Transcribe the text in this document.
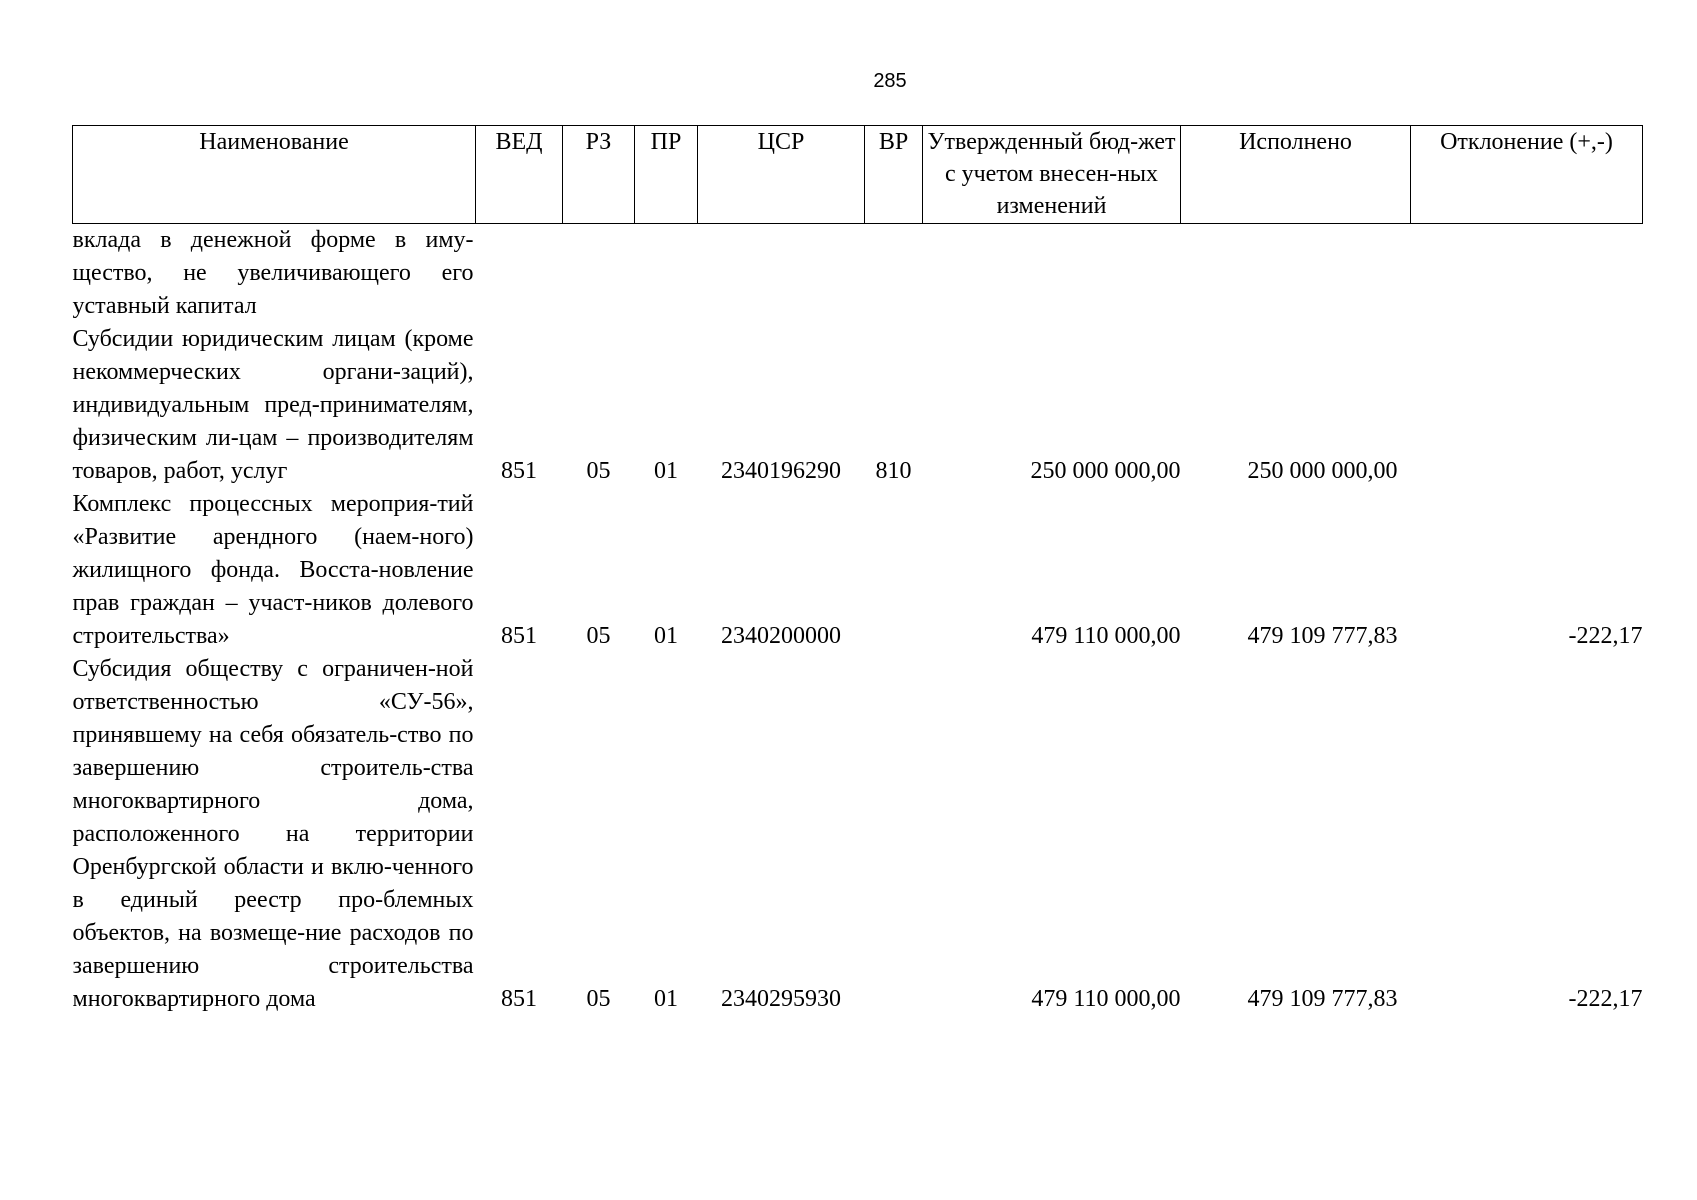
285
Наименование	ВЕД	РЗ	ПР	ЦСР	ВР	Утвержденный бюд-жет с учетом внесен-ных изменений	Исполнено	Отклонение (+,-)
вклада в денежной форме в иму-щество, не увеличивающего его уставный капитал								
Субсидии юридическим лицам (кроме некоммерческих органи-заций), индивидуальным пред-принимателям, физическим ли-цам – производителям товаров, работ, услуг	851	05	01	2340196290	810	250 000 000,00	250 000 000,00	
Комплекс процессных мероприя-тий «Развитие арендного (наем-ного) жилищного фонда. Восста-новление прав граждан – участ-ников долевого строительства»	851	05	01	2340200000		479 110 000,00	479 109 777,83	-222,17
Субсидия обществу с ограничен-ной ответственностью «СУ-56», принявшему на себя обязатель-ство по завершению строитель-ства многоквартирного дома, расположенного на территории Оренбургской области и вклю-ченного в единый реестр про-блемных объектов, на возмеще-ние расходов по завершению строительства многоквартирного дома	851	05	01	2340295930		479 110 000,00	479 109 777,83	-222,17
